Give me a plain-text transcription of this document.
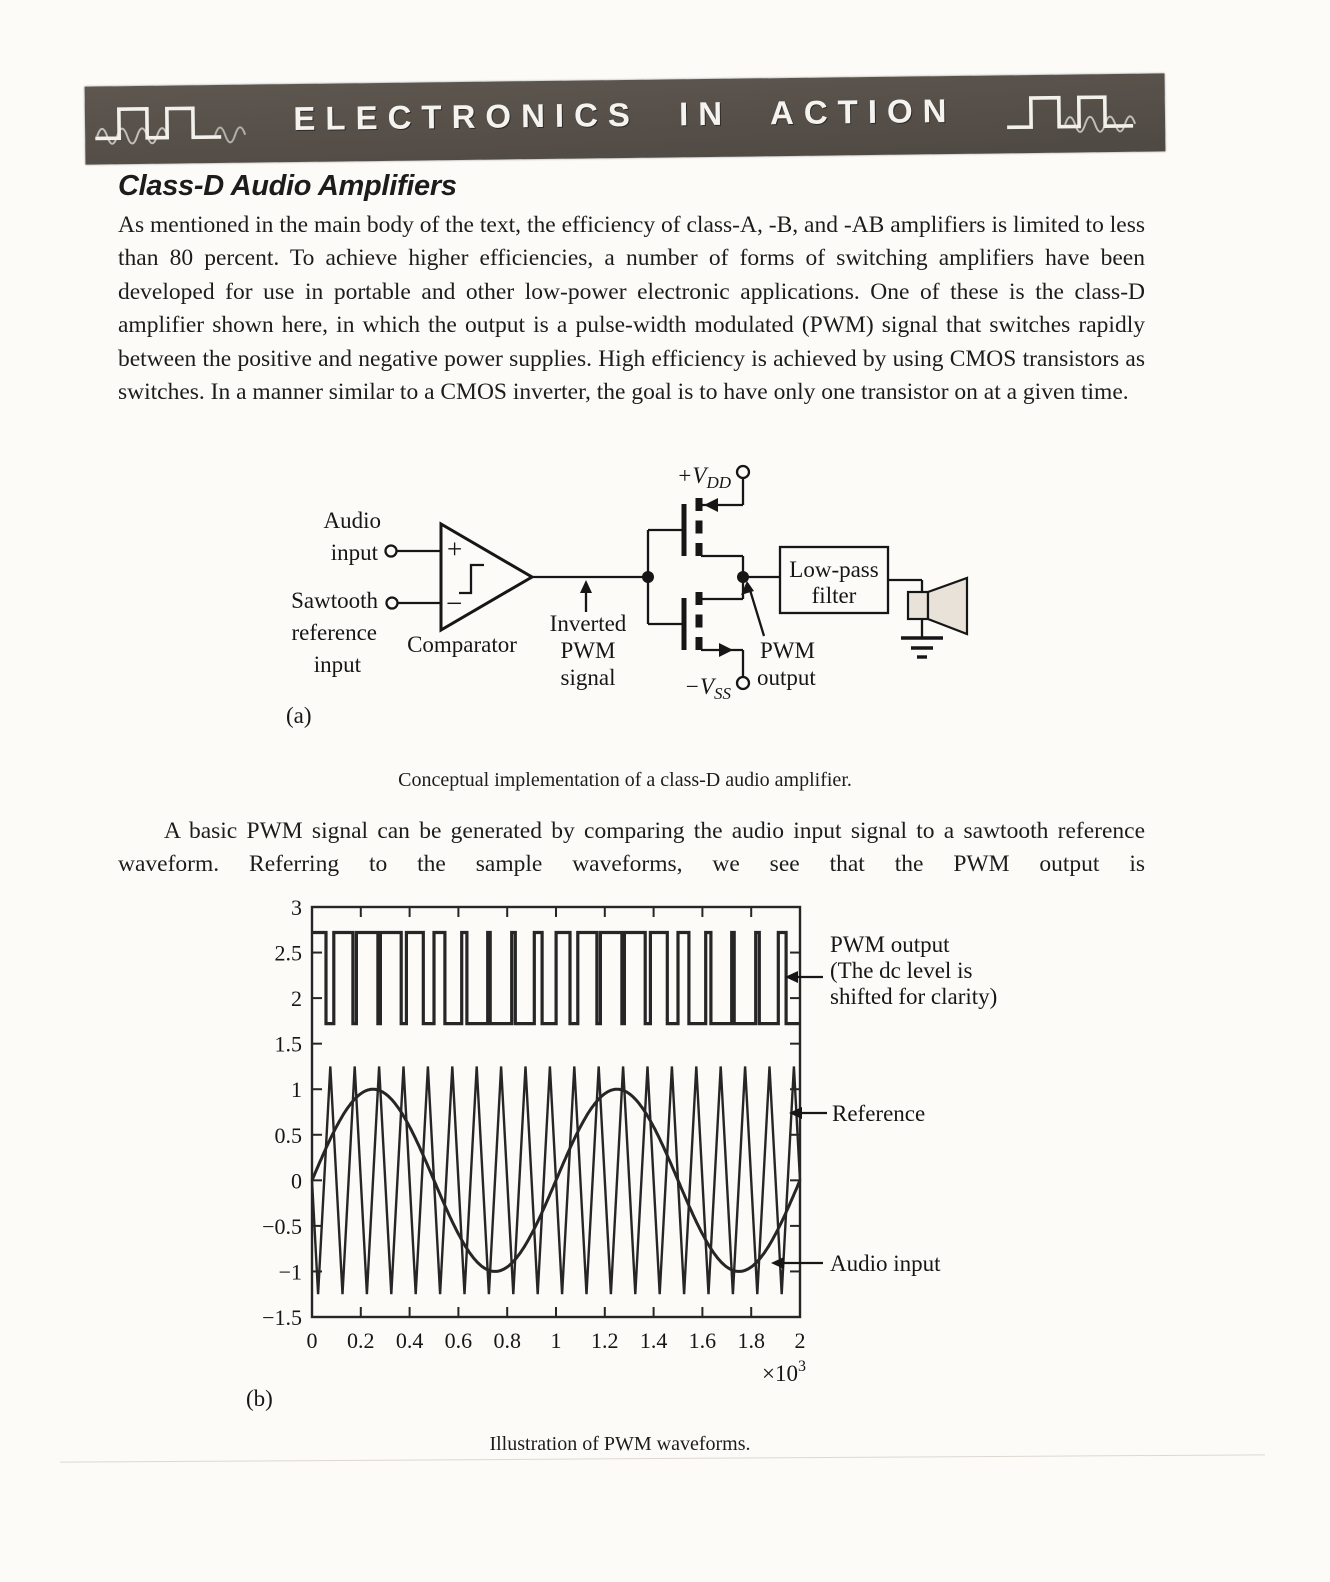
ELECTRONICS IN ACTION
Class-D Audio Amplifiers
As mentioned in the main body of the text, the efficiency of class-A, -B, and -AB amplifiers is limited to less than 80 percent. To achieve higher efficiencies, a number of forms of switching amplifiers have been developed for use in portable and other low-power electronic applications. One of these is the class-D amplifier shown here, in which the output is a pulse-width modulated (PWM) signal that switches rapidly between the positive and negative power supplies. High efficiency is achieved by using CMOS transistors as switches. In a manner similar to a CMOS inverter, the goal is to have only one transistor on at a given time.
+
−
+VDD
−VSS
PWM
output
Low-pass
filter
Audio
input
Sawtooth
reference
input
Comparator
Inverted
PWM
signal
(a)
Conceptual implementation of a class-D audio amplifier.
A basic PWM signal can be generated by comparing the audio input signal to a sawtooth reference waveform. Referring to the sample waveforms, we see that the PWM output is
0 0.2 0.4 0.6 0.8 1 1.2 1.4 1.6 1.8 2
3
2.5
2
1.5
1
0.5
0
−0.5
−1
−1.5
PWM output
(The dc level is
shifted for clarity)
Reference
Audio input
×103
(b)
Illustration of PWM waveforms.
